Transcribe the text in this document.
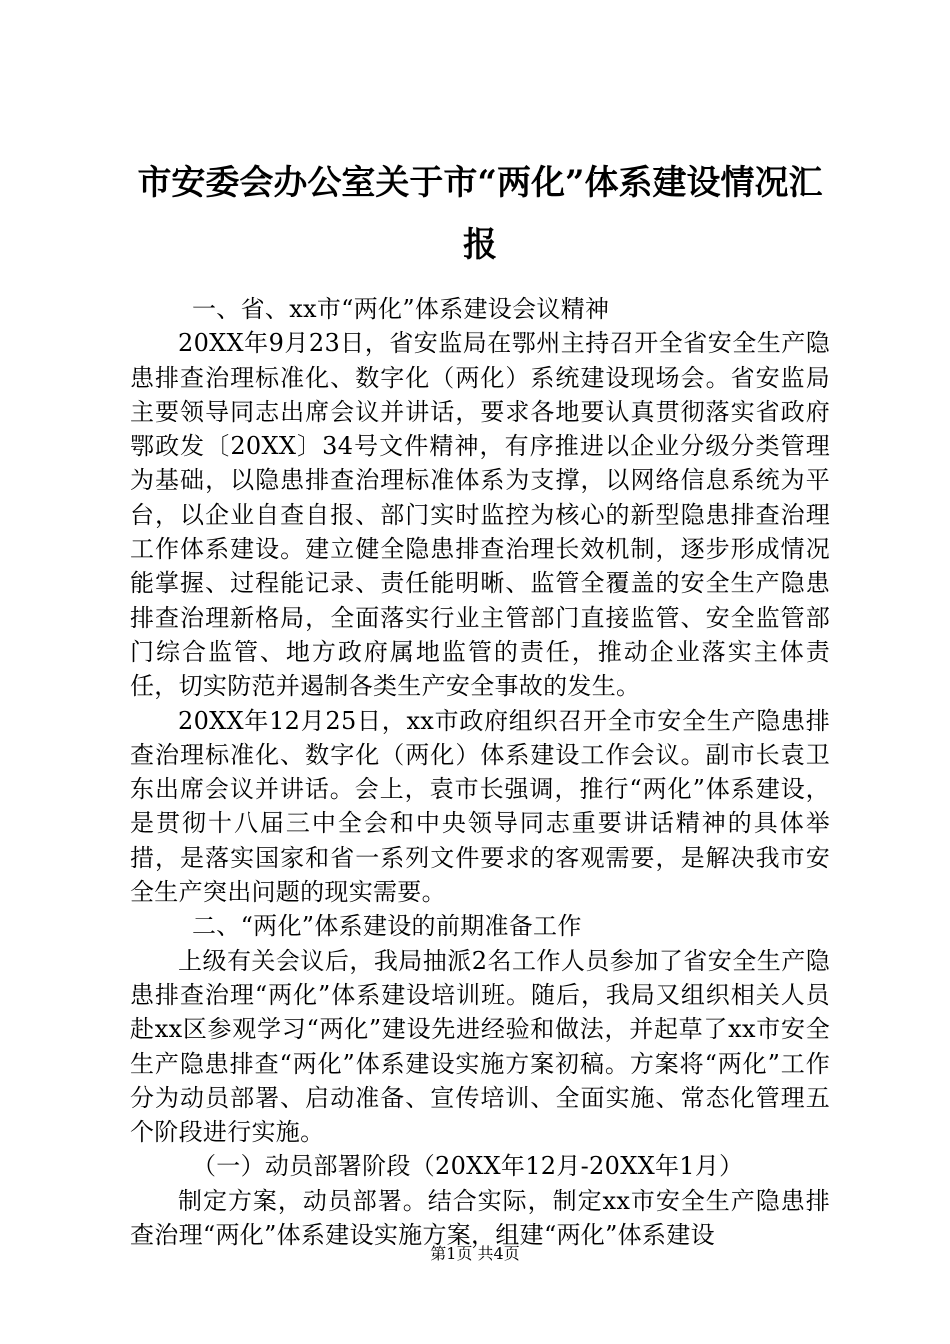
市安委会办公室关于市“两化”体系建设情况汇报

一、省、xx市“两化”体系建设会议精神

20XX年9月23日，省安监局在鄂州主持召开全省安全生产隐患排查治理标准化、数字化（两化）系统建设现场会。省安监局主要领导同志出席会议并讲话，要求各地要认真贯彻落实省政府鄂政发〔20XX〕34号文件精神，有序推进以企业分级分类管理为基础，以隐患排查治理标准体系为支撑，以网络信息系统为平台，以企业自查自报、部门实时监控为核心的新型隐患排查治理工作体系建设。建立健全隐患排查治理长效机制，逐步形成情况能掌握、过程能记录、责任能明晰、监管全覆盖的安全生产隐患排查治理新格局，全面落实行业主管部门直接监管、安全监管部门综合监管、地方政府属地监管的责任，推动企业落实主体责任，切实防范并遏制各类生产安全事故的发生。

20XX年12月25日，xx市政府组织召开全市安全生产隐患排查治理标准化、数字化（两化）体系建设工作会议。副市长袁卫东出席会议并讲话。会上，袁市长强调，推行“两化”体系建设，是贯彻十八届三中全会和中央领导同志重要讲话精神的具体举措，是落实国家和省一系列文件要求的客观需要，是解决我市安全生产突出问题的现实需要。

二、“两化”体系建设的前期准备工作

上级有关会议后，我局抽派2名工作人员参加了省安全生产隐患排查治理“两化”体系建设培训班。随后，我局又组织相关人员赴xx区参观学习“两化”建设先进经验和做法，并起草了xx市安全生产隐患排查“两化”体系建设实施方案初稿。方案将“两化”工作分为动员部署、启动准备、宣传培训、全面实施、常态化管理五个阶段进行实施。

（一）动员部署阶段（20XX年12月-20XX年1月）

制定方案，动员部署。结合实际，制定xx市安全生产隐患排查治理“两化”体系建设实施方案，组建“两化”体系建设

第1页 共4页
